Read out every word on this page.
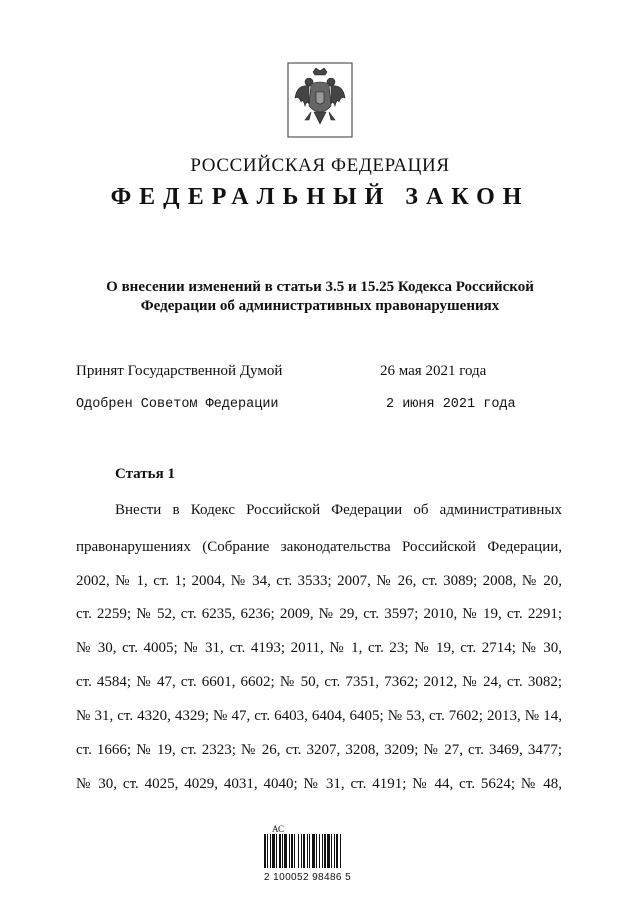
РОССИЙСКАЯ ФЕДЕРАЦИЯ
ФЕДЕРАЛЬНЫЙ ЗАКОН
О внесении изменений в статьи 3.5 и 15.25 Кодекса Российской
Федерации об административных правонарушениях
Принят Государственной Думой	26 мая 2021 года
Одобрен Советом Федерации	2 июня 2021 года
Статья 1
Внести в Кодекс Российской Федерации об административных
правонарушениях (Собрание законодательства Российской Федерации,
2002, № 1, ст. 1; 2004, № 34, ст. 3533; 2007, № 26, ст. 3089; 2008, № 20,
ст. 2259; № 52, ст. 6235, 6236; 2009, № 29, ст. 3597; 2010, № 19, ст. 2291;
№ 30, ст. 4005; № 31, ст. 4193; 2011, № 1, ст. 23; № 19, ст. 2714; № 30,
ст. 4584; № 47, ст. 6601, 6602; № 50, ст. 7351, 7362; 2012, № 24, ст. 3082;
№ 31, ст. 4320, 4329; № 47, ст. 6403, 6404, 6405; № 53, ст. 7602; 2013, № 14,
ст. 1666; № 19, ст. 2323; № 26, ст. 3207, 3208, 3209; № 27, ст. 3469, 3477;
№ 30, ст. 4025, 4029, 4031, 4040; № 31, ст. 4191; № 44, ст. 5624; № 48,
АС
2 100052 98486 5
